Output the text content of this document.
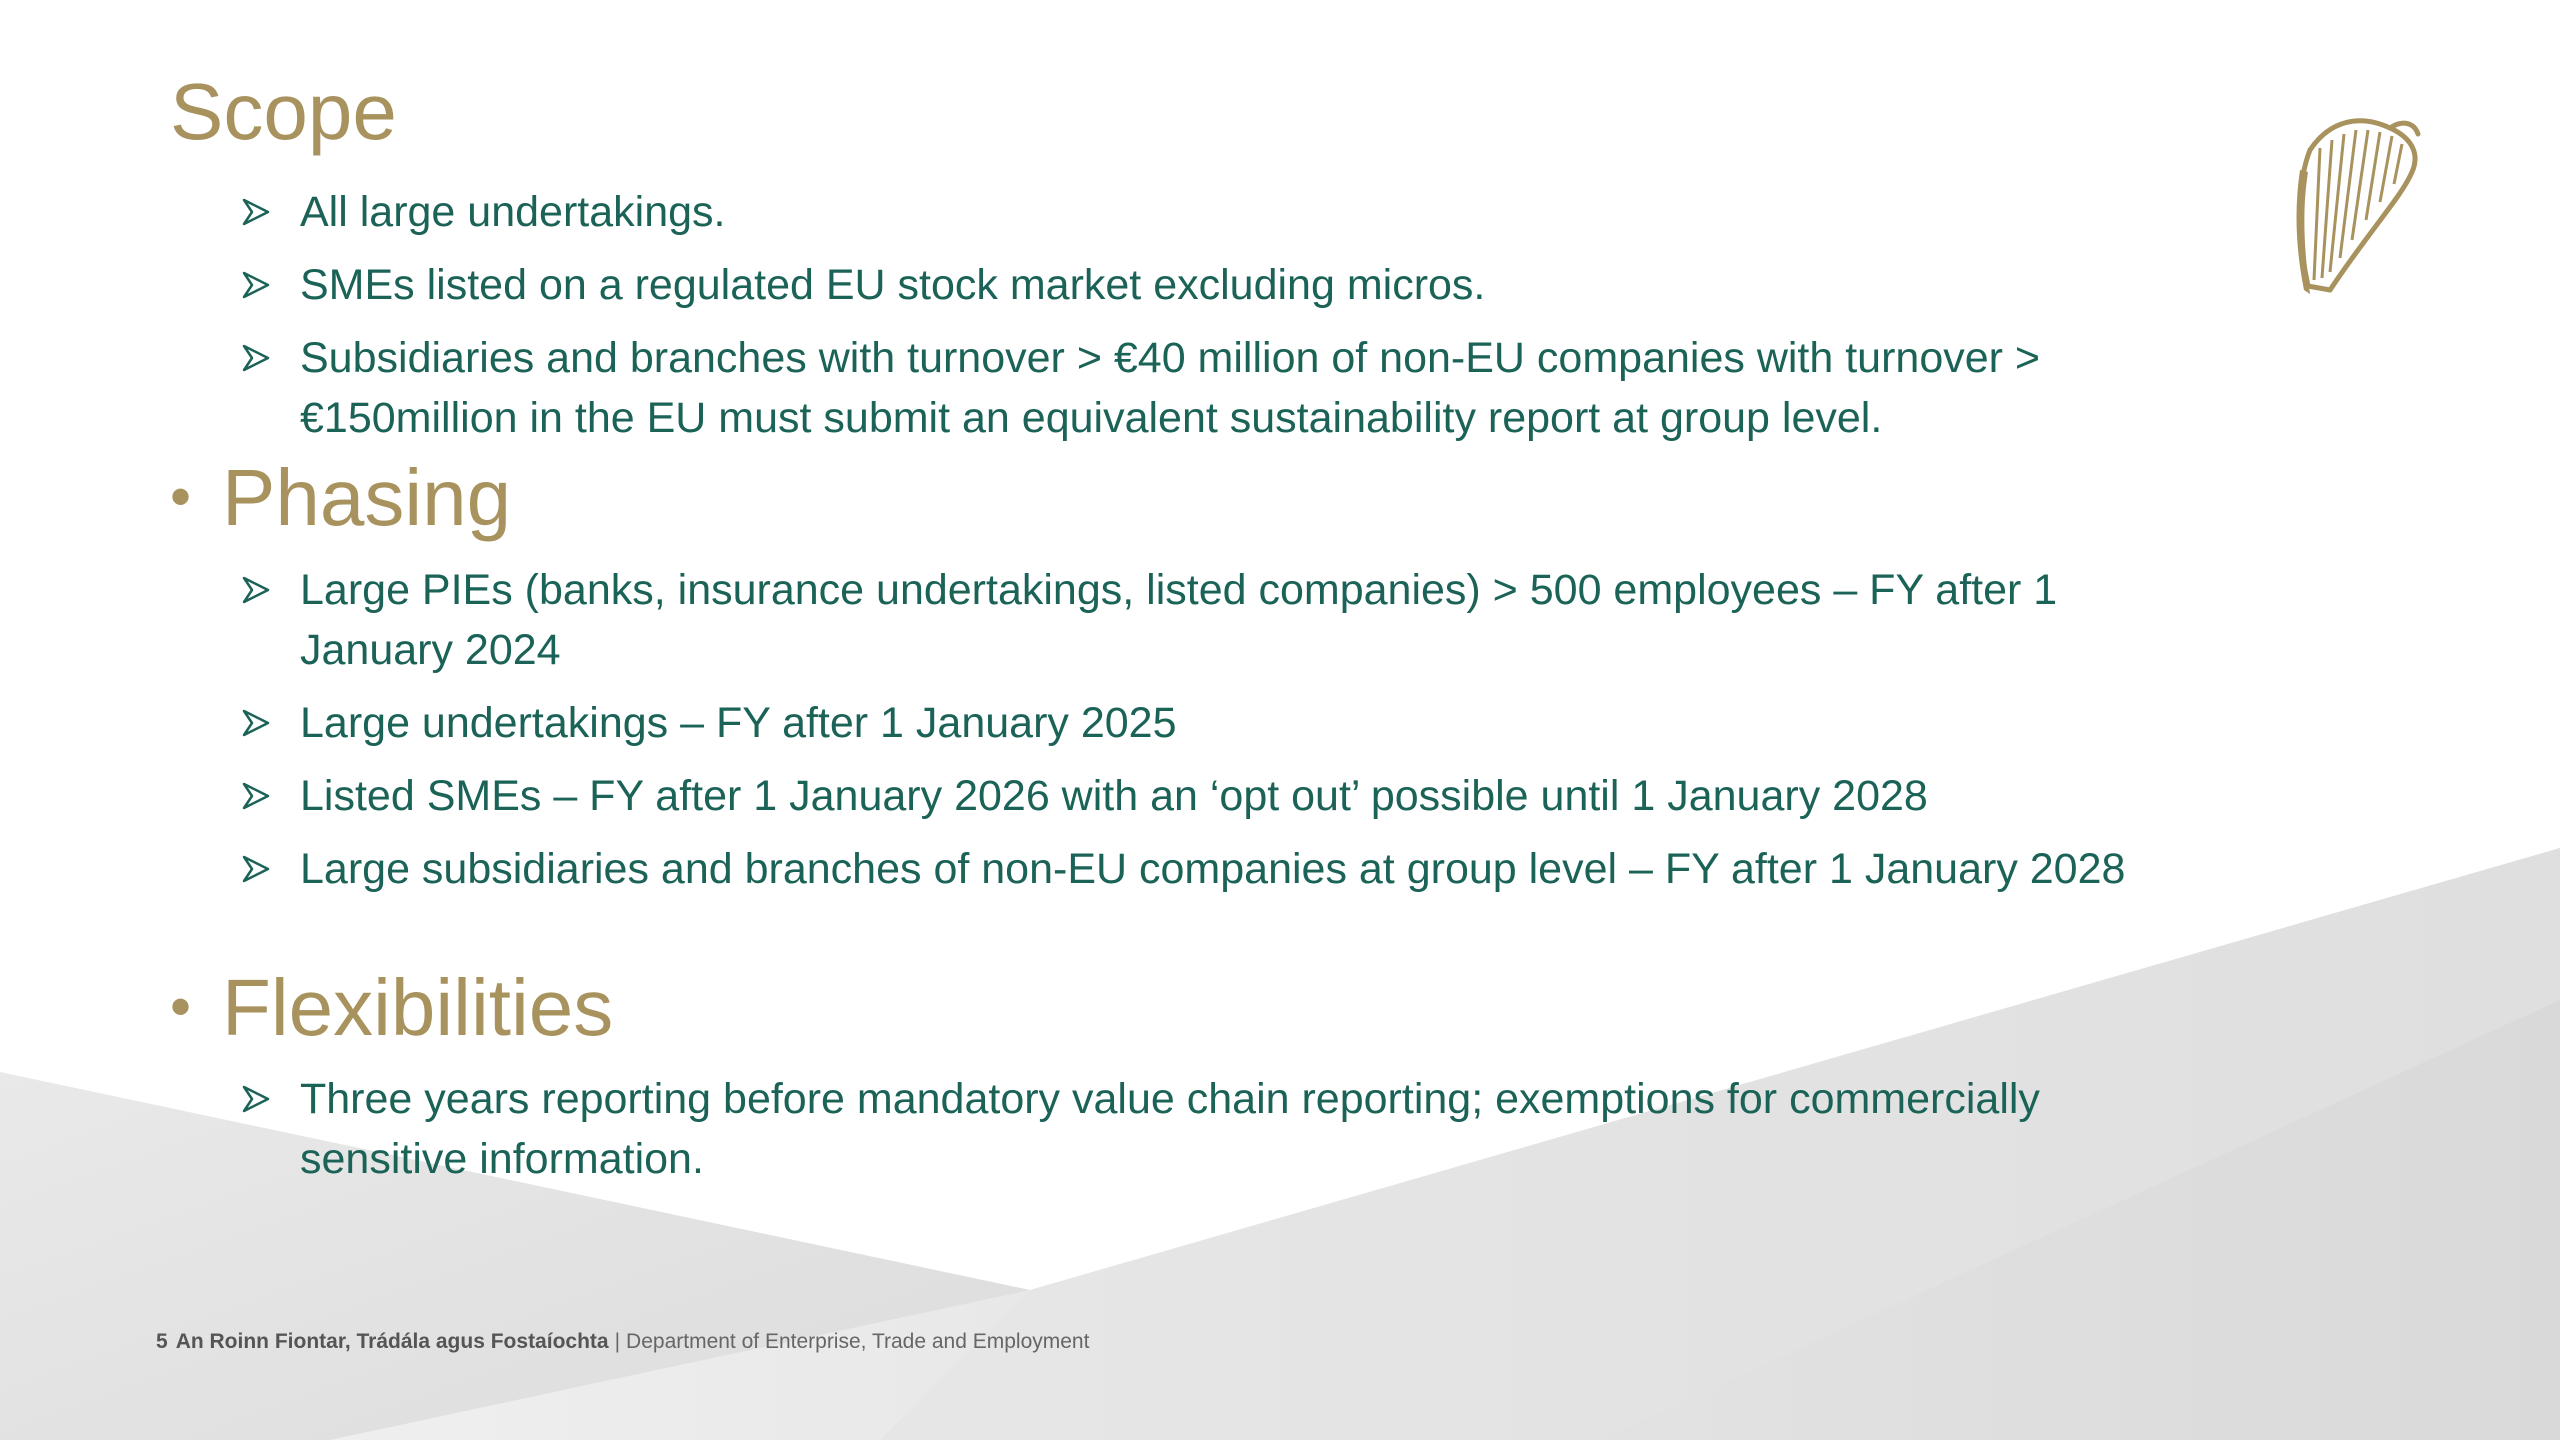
Scope

All large undertakings.

SMEs listed on a regulated EU stock market excluding micros.

Subsidiaries and branches with turnover > €40 million of non-EU companies with turnover > €150million in the EU must submit an equivalent sustainability report at group level.

• Phasing

Large PIEs (banks, insurance undertakings, listed companies) > 500 employees – FY after 1 January 2024

Large undertakings – FY after 1 January 2025

Listed SMEs – FY after 1 January 2026 with an ‘opt out’ possible until 1 January 2028

Large subsidiaries and branches of non-EU companies at group level – FY after 1 January 2028

• Flexibilities

Three years reporting before mandatory value chain reporting; exemptions for commercially sensitive information.

5 An Roinn Fiontar, Trádála agus Fostaíochta | Department of Enterprise, Trade and Employment
